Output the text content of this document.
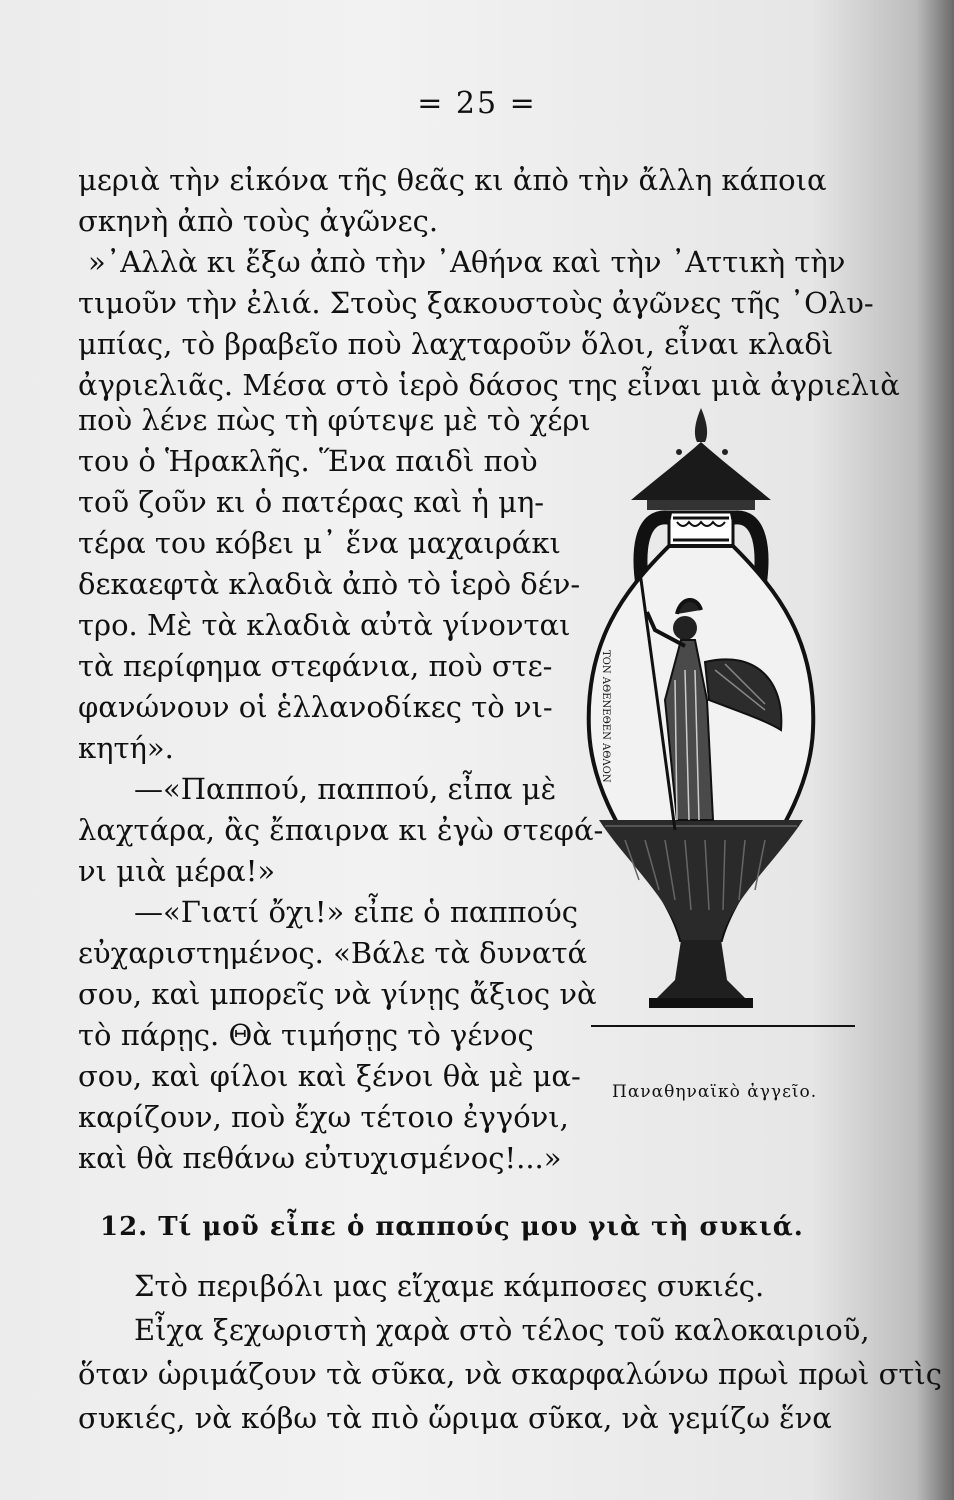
= 25 =
μεριὰ τὴν εἰκόνα τῆς θεᾶς κι ἀπὸ τὴν ἄλλη κάποια
σκηνὴ ἀπὸ τοὺς ἀγῶνες.
»᾿Αλλὰ κι ἔξω ἀπὸ τὴν ᾿Αθήνα καὶ τὴν ᾿Αττικὴ τὴν
τιμοῦν τὴν ἐλιά. Στοὺς ξακουστοὺς ἀγῶνες τῆς ᾿Ολυ-
μπίας, τὸ βραβεῖο ποὺ λαχταροῦν ὅλοι, εἶναι κλαδὶ
ἀγριελιᾶς. Μέσα στὸ ἱερὸ δάσος της εἶναι μιὰ ἀγριελιὰ
ποὺ λένε πὼς τὴ φύτεψε μὲ τὸ χέρι
του ὁ Ἡρακλῆς. Ἕνα παιδὶ ποὺ
τοῦ ζοῦν κι ὁ πατέρας καὶ ἡ μη-
τέρα του κόβει μ᾿ ἕνα μαχαιράκι
δεκαεφτὰ κλαδιὰ ἀπὸ τὸ ἱερὸ δέν-
τρο. Μὲ τὰ κλαδιὰ αὐτὰ γίνονται
τὰ περίφημα στεφάνια, ποὺ στε-
φανώνουν οἱ ἑλλανοδίκες τὸ νι-
κητή».
—«Παππού, παππού, εἶπα μὲ
λαχτάρα, ἂς ἔπαιρνα κι ἐγὼ στεφά-
νι μιὰ μέρα!»
—«Γιατί ὄχι!» εἶπε ὁ παππούς
εὐχαριστημένος. «Βάλε τὰ δυνατά
σου, καὶ μπορεῖς νὰ γίνῃς ἄξιος νὰ
τὸ πάρῃς. Θὰ τιμήσῃς τὸ γένος
σου, καὶ φίλοι καὶ ξένοι θὰ μὲ μα-
καρίζουν, ποὺ ἔχω τέτοιο ἐγγόνι,
καὶ θὰ πεθάνω εὐτυχισμένος!...»
ΤΟΝ ΑΘΕΝΕΘΕΝ ΑΘΛΟΝ
Παναθηναϊκὸ ἀγγεῖο.
12. Τί μοῦ εἶπε ὁ παππούς μου γιὰ τὴ συκιά.
Στὸ περιβόλι μας εἴχαμε κάμποσες συκιές.
Εἶχα ξεχωριστὴ χαρὰ στὸ τέλος τοῦ καλοκαιριοῦ,
ὅταν ὡριμάζουν τὰ σῦκα, νὰ σκαρφαλώνω πρωὶ πρωὶ στὶς
συκιές, νὰ κόβω τὰ πιὸ ὥριμα σῦκα, νὰ γεμίζω ἕνα
